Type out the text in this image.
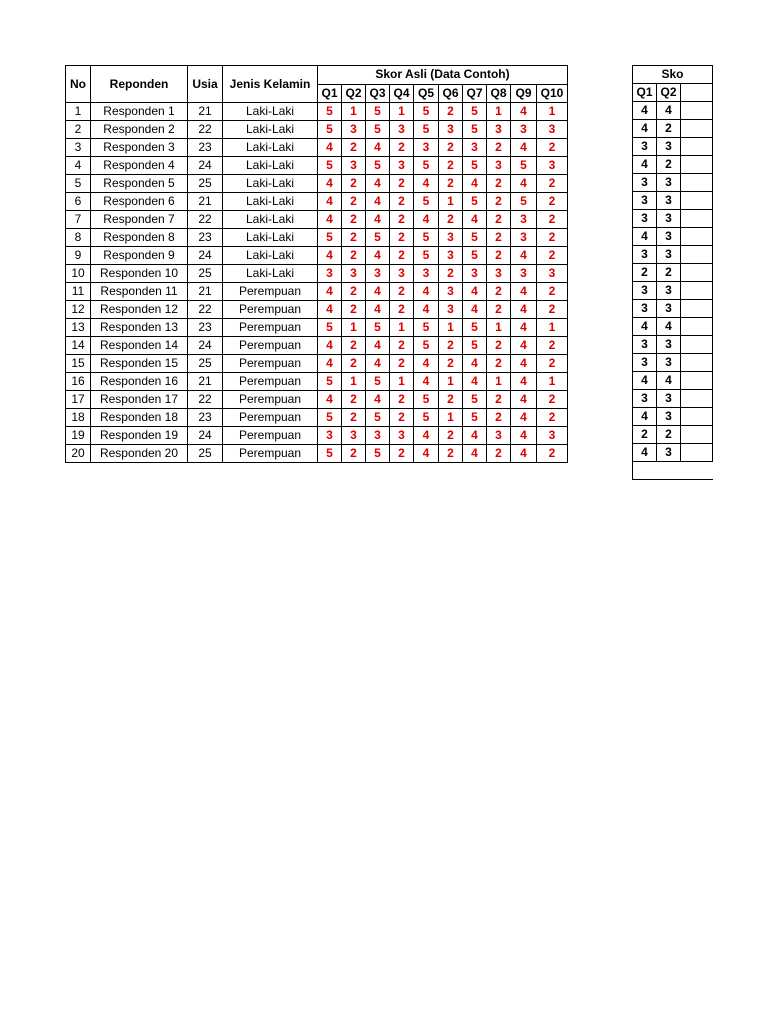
No	Reponden	Usia	Jenis Kelamin	Skor Asli (Data Contoh)									
				Q1	Q2	Q3	Q4	Q5	Q6	Q7	Q8	Q9	Q10
1	Responden 1	21	Laki-Laki	5	1	5	1	5	2	5	1	4	1
2	Responden 2	22	Laki-Laki	5	3	5	3	5	3	5	3	3	3
3	Responden 3	23	Laki-Laki	4	2	4	2	3	2	3	2	4	2
4	Responden 4	24	Laki-Laki	5	3	5	3	5	2	5	3	5	3
5	Responden 5	25	Laki-Laki	4	2	4	2	4	2	4	2	4	2
6	Responden 6	21	Laki-Laki	4	2	4	2	5	1	5	2	5	2
7	Responden 7	22	Laki-Laki	4	2	4	2	4	2	4	2	3	2
8	Responden 8	23	Laki-Laki	5	2	5	2	5	3	5	2	3	2
9	Responden 9	24	Laki-Laki	4	2	4	2	5	3	5	2	4	2
10	Responden 10	25	Laki-Laki	3	3	3	3	3	2	3	3	3	3
11	Responden 11	21	Perempuan	4	2	4	2	4	3	4	2	4	2
12	Responden 12	22	Perempuan	4	2	4	2	4	3	4	2	4	2
13	Responden 13	23	Perempuan	5	1	5	1	5	1	5	1	4	1
14	Responden 14	24	Perempuan	4	2	4	2	5	2	5	2	4	2
15	Responden 15	25	Perempuan	4	2	4	2	4	2	4	2	4	2
16	Responden 16	21	Perempuan	5	1	5	1	4	1	4	1	4	1
17	Responden 17	22	Perempuan	4	2	4	2	5	2	5	2	4	2
18	Responden 18	23	Perempuan	5	2	5	2	5	1	5	2	4	2
19	Responden 19	24	Perempuan	3	3	3	3	4	2	4	3	4	3
20	Responden 20	25	Perempuan	5	2	5	2	4	2	4	2	4	2
Sko		
Q1	Q2	
4	4	
4	2	
3	3	
4	2	
3	3	
3	3	
3	3	
4	3	
3	3	
2	2	
3	3	
3	3	
4	4	
3	3	
3	3	
4	4	
3	3	
4	3	
2	2	
4	3	
